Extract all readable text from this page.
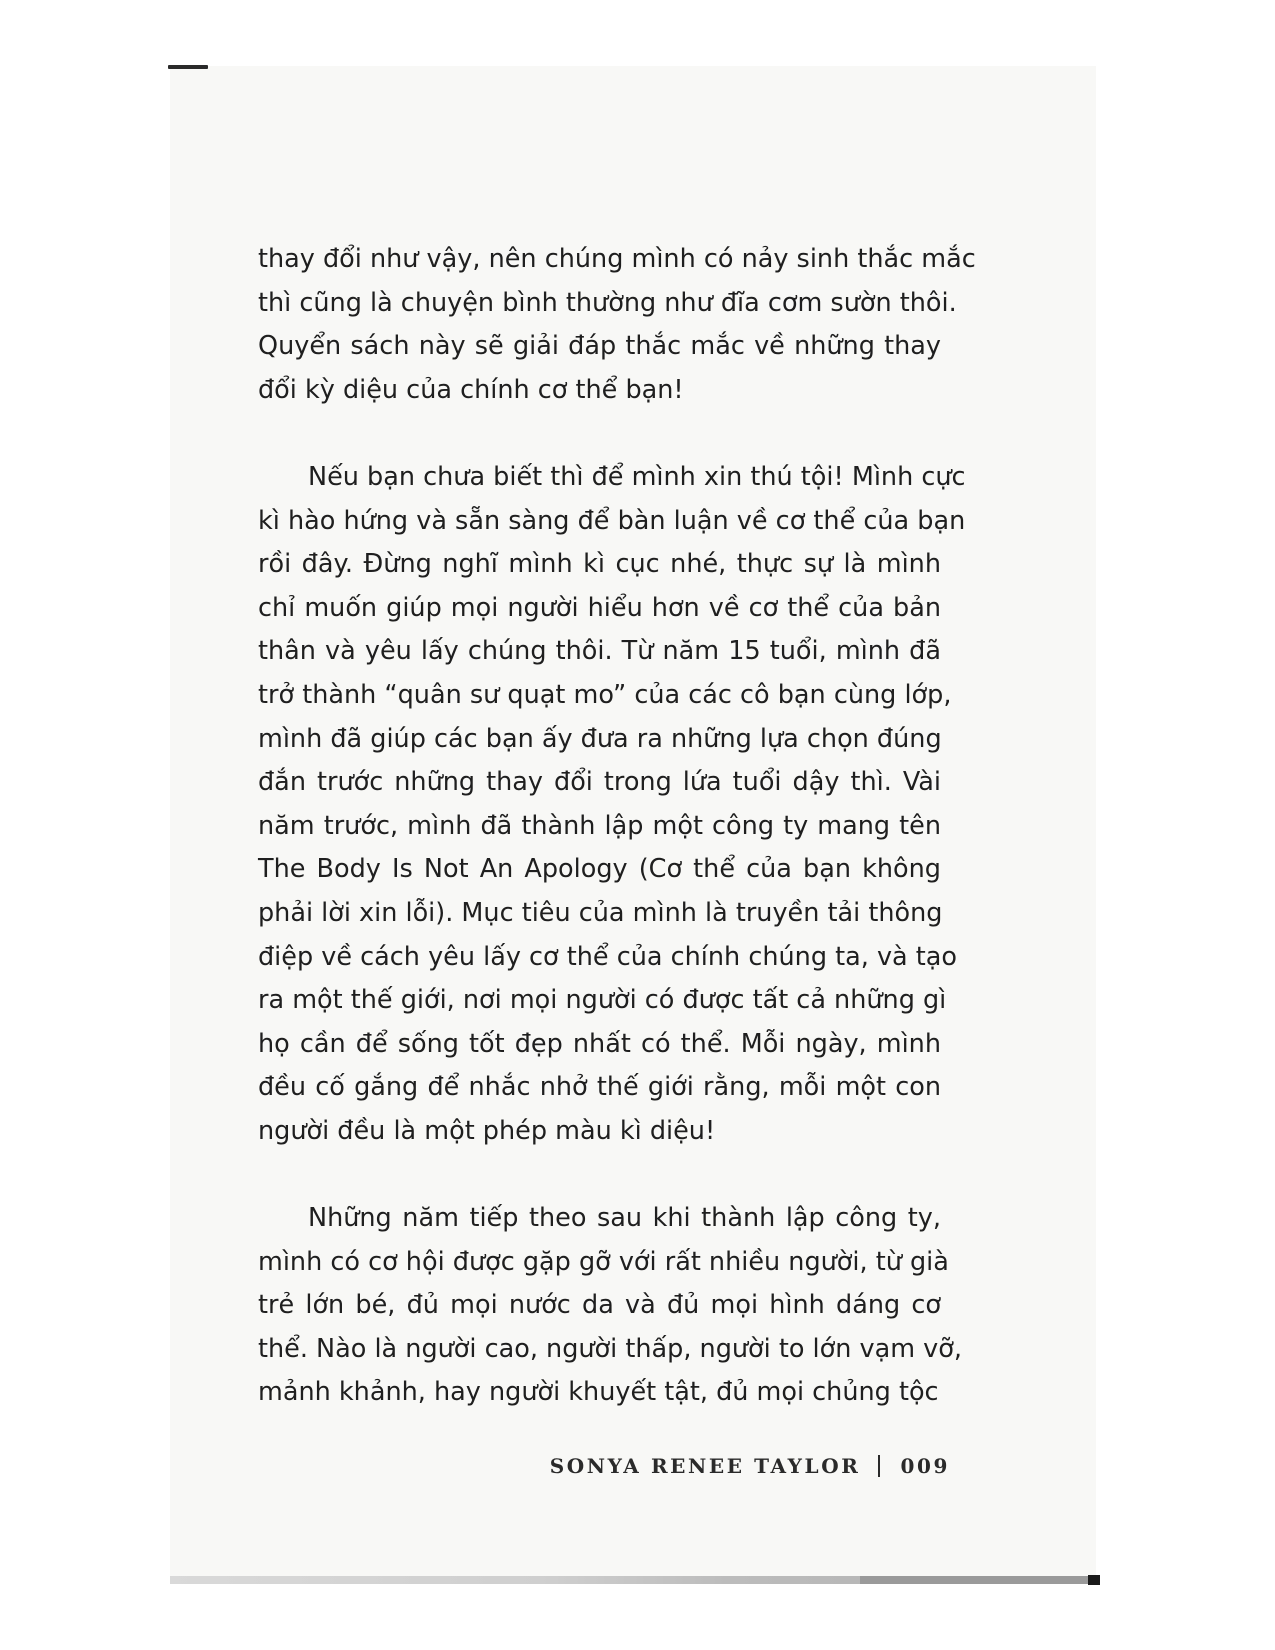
thay đổi như vậy, nên chúng mình có nảy sinh thắc mắc
thì cũng là chuyện bình thường như đĩa cơm sườn thôi.
Quyển sách này sẽ giải đáp thắc mắc về những thay
đổi kỳ diệu của chính cơ thể bạn!

Nếu bạn chưa biết thì để mình xin thú tội! Mình cực
kì hào hứng và sẵn sàng để bàn luận về cơ thể của bạn
rồi đây. Đừng nghĩ mình kì cục nhé, thực sự là mình
chỉ muốn giúp mọi người hiểu hơn về cơ thể của bản
thân và yêu lấy chúng thôi. Từ năm 15 tuổi, mình đã
trở thành “quân sư quạt mo” của các cô bạn cùng lớp,
mình đã giúp các bạn ấy đưa ra những lựa chọn đúng
đắn trước những thay đổi trong lứa tuổi dậy thì. Vài
năm trước, mình đã thành lập một công ty mang tên
The Body Is Not An Apology (Cơ thể của bạn không
phải lời xin lỗi). Mục tiêu của mình là truyền tải thông
điệp về cách yêu lấy cơ thể của chính chúng ta, và tạo
ra một thế giới, nơi mọi người có được tất cả những gì
họ cần để sống tốt đẹp nhất có thể. Mỗi ngày, mình
đều cố gắng để nhắc nhở thế giới rằng, mỗi một con
người đều là một phép màu kì diệu!

Những năm tiếp theo sau khi thành lập công ty,
mình có cơ hội được gặp gỡ với rất nhiều người, từ già
trẻ lớn bé, đủ mọi nước da và đủ mọi hình dáng cơ
thể. Nào là người cao, người thấp, người to lớn vạm vỡ,
mảnh khảnh, hay người khuyết tật, đủ mọi chủng tộc

SONYA RENEE TAYLOR 009
